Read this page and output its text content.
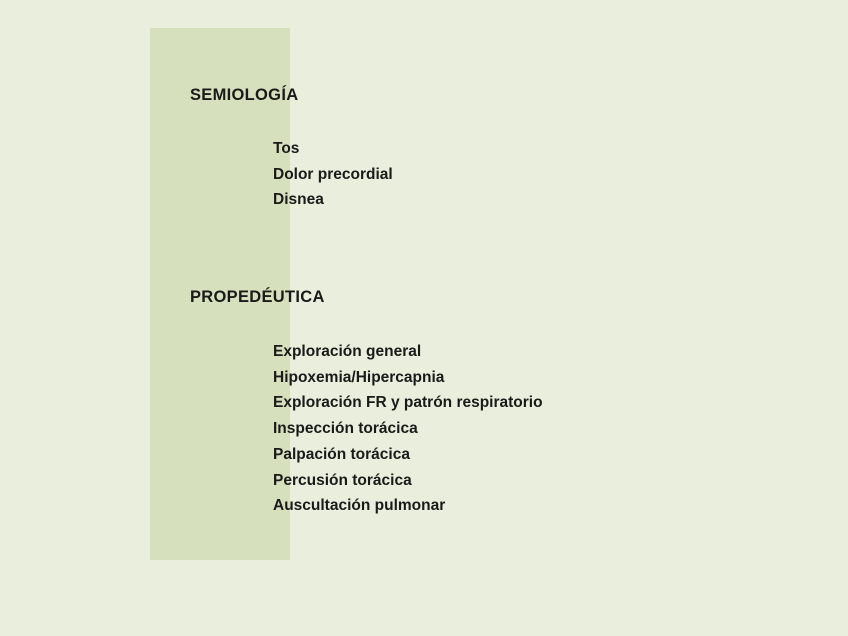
SEMIOLOGÍA
Tos
Dolor precordial
Disnea
PROPEDÉUTICA
Exploración general
Hipoxemia/Hipercapnia
Exploración FR y patrón respiratorio
Inspección torácica
Palpación torácica
Percusión torácica
Auscultación pulmonar
